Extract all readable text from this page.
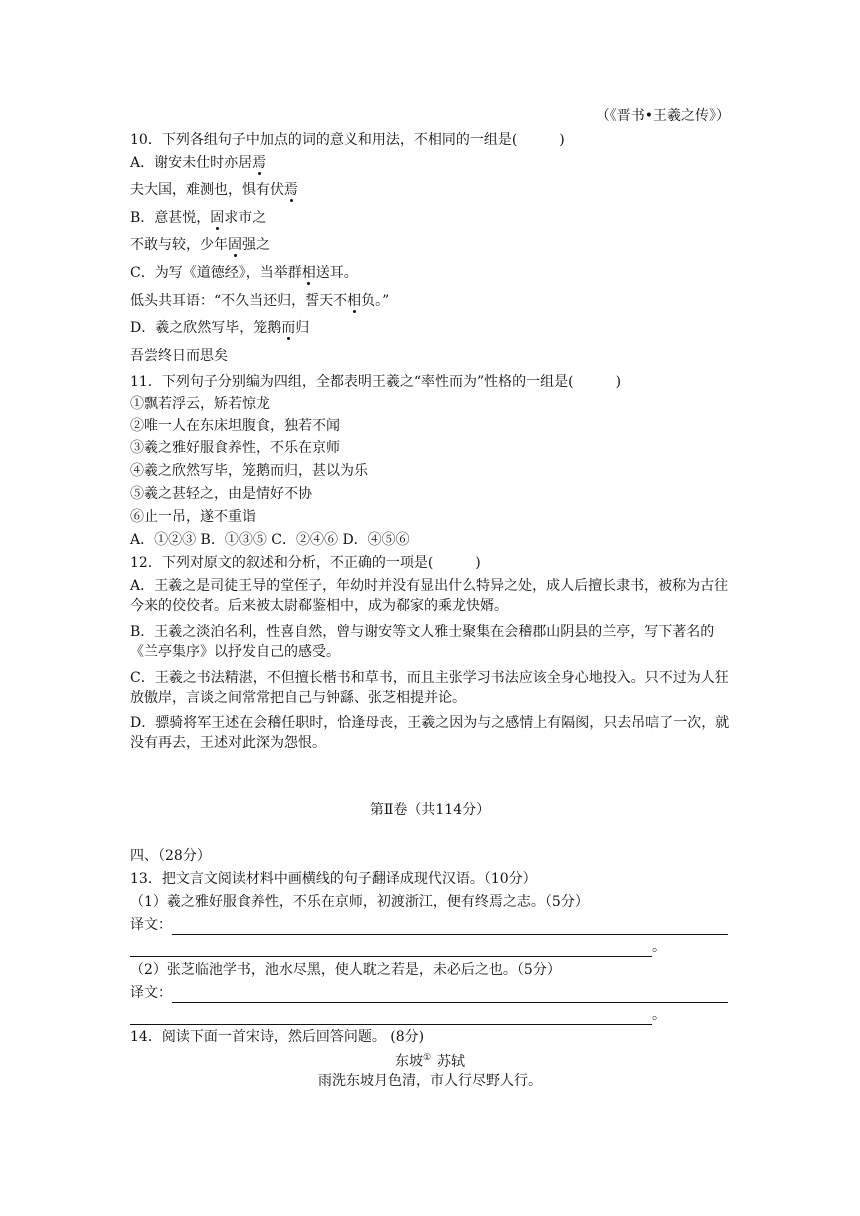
（《晋书•王羲之传》）
10．下列各组句子中加点的词的意义和用法，不相同的一组是(　　　)
A．谢安未仕时亦居焉
夫大国，难测也，惧有伏焉
B．意甚悦，固求市之
不敢与较，少年固强之
C．为写《道德经》，当举群相送耳。
低头共耳语：“不久当还归，誓天不相负。”
D．羲之欣然写毕，笼鹅而归
吾尝终日而思矣
11．下列句子分别编为四组，全都表明王羲之“率性而为”性格的一组是(　　　)
①飘若浮云，矫若惊龙
②唯一人在东床坦腹食，独若不闻
③羲之雅好服食养性，不乐在京师
④羲之欣然写毕，笼鹅而归，甚以为乐
⑤羲之甚轻之，由是情好不协
⑥止一吊，遂不重诣
A．①②③ B．①③⑤ C．②④⑥ D．④⑤⑥
12．下列对原文的叙述和分析，不正确的一项是(　　　)
A．王羲之是司徒王导的堂侄子，年幼时并没有显出什么特异之处，成人后擅长隶书，被称为古往今来的佼佼者。后来被太尉郗鉴相中，成为郗家的乘龙快婿。
B．王羲之淡泊名利，性喜自然，曾与谢安等文人雅士聚集在会稽郡山阴县的兰亭，写下著名的《兰亭集序》以抒发自己的感受。
C．王羲之书法精湛，不但擅长楷书和草书，而且主张学习书法应该全身心地投入。只不过为人狂放傲岸，言谈之间常常把自己与钟繇、张芝相提并论。
D．骠骑将军王述在会稽任职时，恰逢母丧，王羲之因为与之感情上有隔阂，只去吊唁了一次，就没有再去，王述对此深为怨恨。
第Ⅱ卷（共114分）
四、（28分）
13．把文言文阅读材料中画横线的句子翻译成现代汉语。（10分）
（1）羲之雅好服食养性，不乐在京师，初渡浙江，便有终焉之志。（5分）
译文：
。
（2）张芝临池学书，池水尽黑，使人耽之若是，未必后之也。（5分）
译文：
。
14．阅读下面一首宋诗，然后回答问题。 (8分)
东坡① 苏轼
雨洗东坡月色清，市人行尽野人行。
